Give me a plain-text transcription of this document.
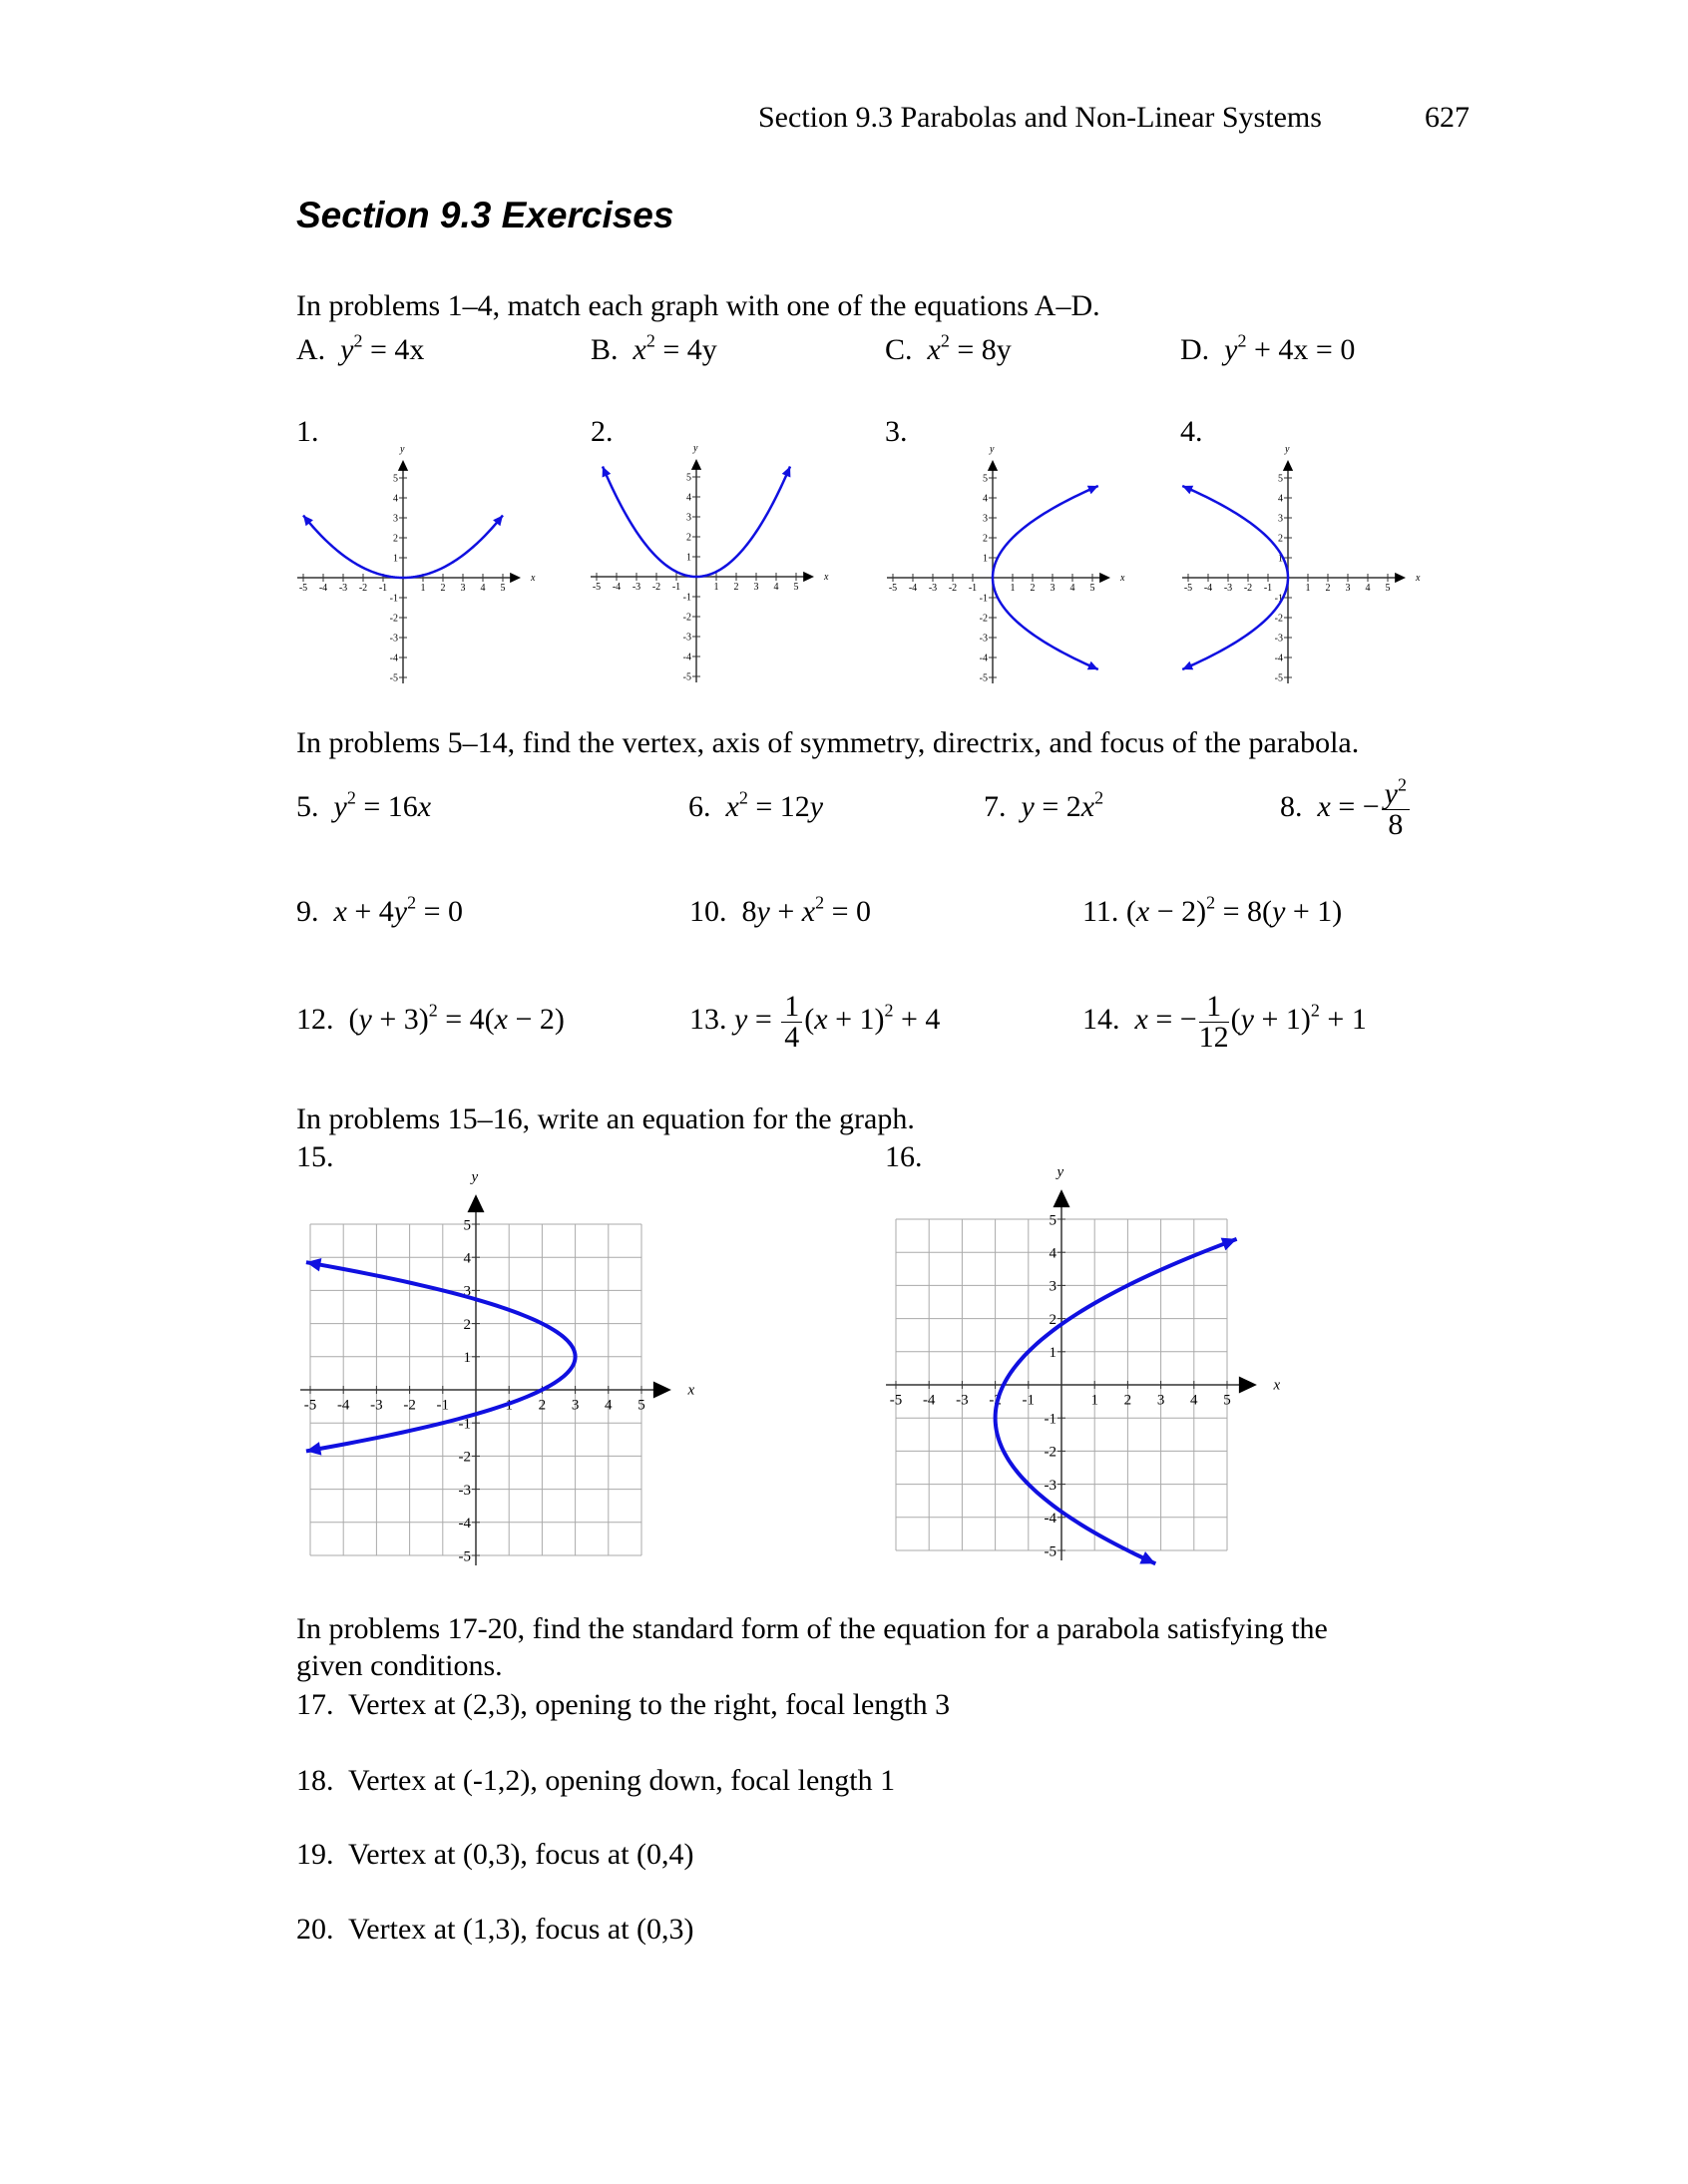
Section 9.3 Parabolas and Non-Linear Systems	627
Section 9.3 Exercises
In problems 1–4, match each graph with one of the equations A–D.
A. $y^2 = 4x$	B. $x^2 = 4y$	C. $x^2 = 8y$	D. $y^2 + 4x = 0$
1.	2.	3.	4.
In problems 5–14, find the vertex, axis of symmetry, directrix, and focus of the parabola.
5. $y^2 = 16x$	6. $x^2 = 12y$	7. $y = 2x^2$	8. x = − $\frac{y^2}{8}$
9. $x + 4y^2 = 0$	10.  $8y + x^2 = 0$	11. $(x - 2)^2 = 8(y + 1)$
12.  $(y + 3)^2 = 4(x - 2)$	13. $y = \frac{1}{4} (x + 1)^2 + 4$	14. x = − $\frac{1}{12} (y + 1)^2 + 1$
In problems 15–16, write an equation for the graph.
15.	16.
In problems 17-20, find the standard form of the equation for a parabola satisfying the
given conditions.
17. Vertex at (2,3), opening to the right, focal length 3
18. Vertex at (-1,2), opening down, focal length 1
19. Vertex at (0,3), focus at (0,4)
20. Vertex at (1,3), focus at (0,3)
x
y
-5
-5
-4
-4
-3
-3
-2
-2
-1
-1
1
1
2
2
3
3
4
4
5
5
x
y
-5
-5
-4
-4
-3
-3
-2
-2
-1
-1
1
1
2
2
3
3
4
4
5
5
x
y
-5
-5
-4
-4
-3
-3
-2
-2
-1
-1
1
1
2
2
3
3
4
4
5
5
x
y
-5
-5
-4
-4
-3
-3
-2
-2
-1
-1
1
1
2
2
3
3
4
4
5
5
x
y
-5
-5
-4
-4
-3
-3
-2
-2
-1
-1
1
1
2
2
3
3
4
4
5
5
x
y
-5
-5
-4
-4
-3
-3
-2
-2
-1
-1
1
1
2
2
3
3
4
4
5
5
